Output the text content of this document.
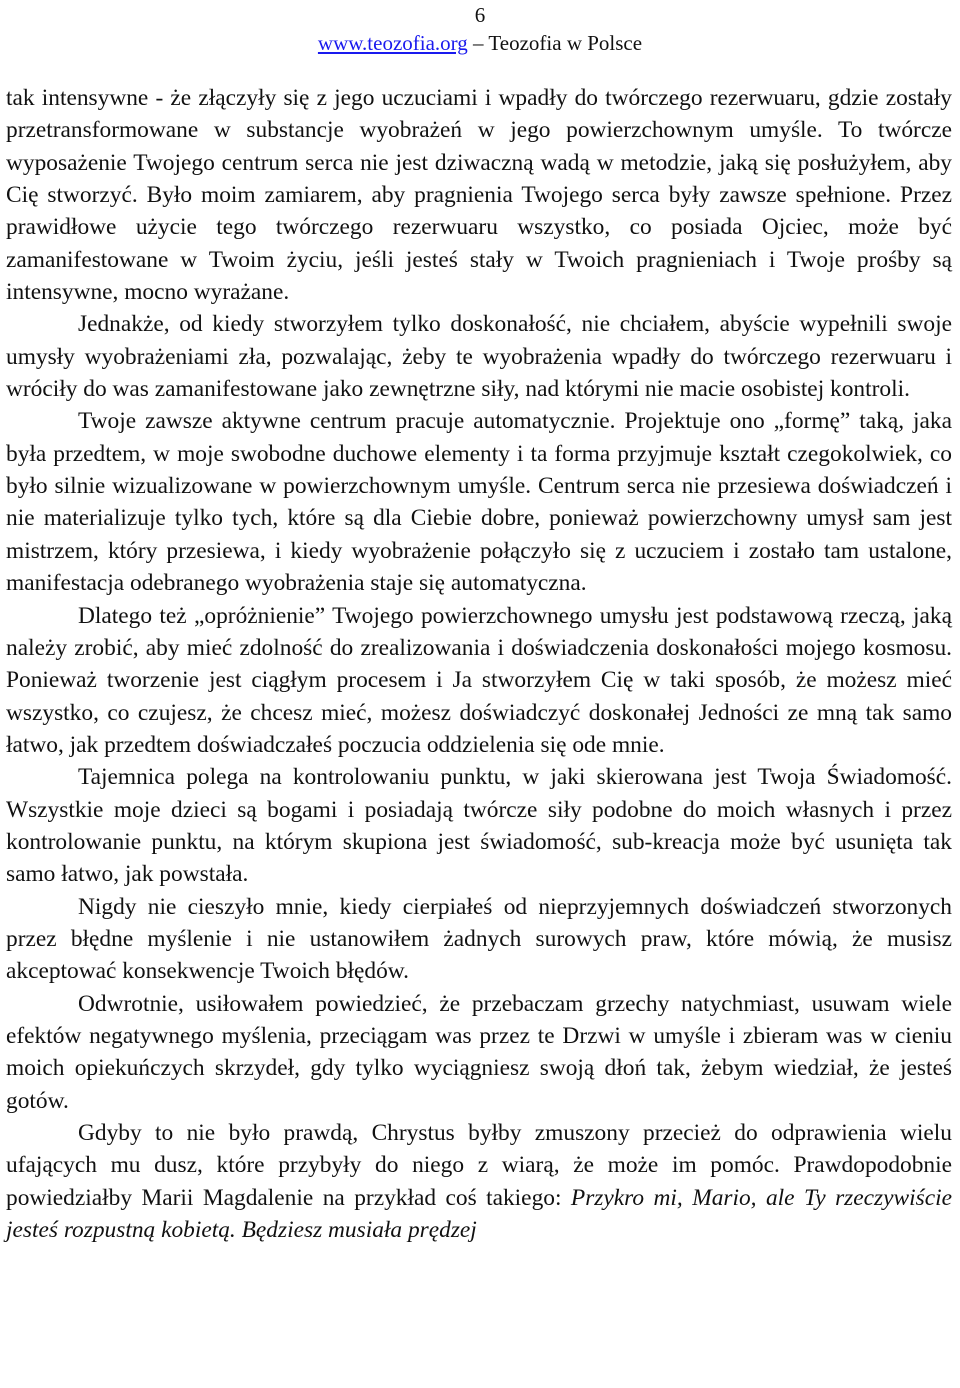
6
www.teozofia.org – Teozofia w Polsce

tak intensywne - że złączyły się z jego uczuciami i wpadły do twórczego rezerwuaru, gdzie zostały przetransformowane w substancje wyobrażeń w jego powierzchownym umyśle. To twórcze wyposażenie Twojego centrum serca nie jest dziwaczną wadą w metodzie, jaką się posłużyłem, aby Cię stworzyć. Było moim zamiarem, aby pragnienia Twojego serca były zawsze spełnione. Przez prawidłowe użycie tego twórczego rezerwuaru wszystko, co posiada Ojciec, może być zamanifestowane w Twoim życiu, jeśli jesteś stały w Twoich pragnieniach i Twoje prośby są intensywne, mocno wyrażane.

Jednakże, od kiedy stworzyłem tylko doskonałość, nie chciałem, abyście wypełnili swoje umysły wyobrażeniami zła, pozwalając, żeby te wyobrażenia wpadły do twórczego rezerwuaru i wróciły do was zamanifestowane jako zewnętrzne siły, nad którymi nie macie osobistej kontroli.

Twoje zawsze aktywne centrum pracuje automatycznie. Projektuje ono „formę” taką, jaka była przedtem, w moje swobodne duchowe elementy i ta forma przyjmuje kształt czegokolwiek, co było silnie wizualizowane w powierzchownym umyśle. Centrum serca nie przesiewa doświadczeń i nie materializuje tylko tych, które są dla Ciebie dobre, ponieważ powierzchowny umysł sam jest mistrzem, który przesiewa, i kiedy wyobrażenie połączyło się z uczuciem i zostało tam ustalone, manifestacja odebranego wyobrażenia staje się automatyczna.

Dlatego też „opróżnienie” Twojego powierzchownego umysłu jest podstawową rzeczą, jaką należy zrobić, aby mieć zdolność do zrealizowania i doświadczenia doskonałości mojego kosmosu. Ponieważ tworzenie jest ciągłym procesem i Ja stworzyłem Cię w taki sposób, że możesz mieć wszystko, co czujesz, że chcesz mieć, możesz doświadczyć doskonałej Jedności ze mną tak samo łatwo, jak przedtem doświadczałeś poczucia oddzielenia się ode mnie.

Tajemnica polega na kontrolowaniu punktu, w jaki skierowana jest Twoja Świadomość. Wszystkie moje dzieci są bogami i posiadają twórcze siły podobne do moich własnych i przez kontrolowanie punktu, na którym skupiona jest świadomość, sub-kreacja może być usunięta tak samo łatwo, jak powstała.

Nigdy nie cieszyło mnie, kiedy cierpiałeś od nieprzyjemnych doświadczeń stworzonych przez błędne myślenie i nie ustanowiłem żadnych surowych praw, które mówią, że musisz akceptować konsekwencje Twoich błędów.

Odwrotnie, usiłowałem powiedzieć, że przebaczam grzechy natychmiast, usuwam wiele efektów negatywnego myślenia, przeciągam was przez te Drzwi w umyśle i zbieram was w cieniu moich opiekuńczych skrzydeł, gdy tylko wyciągniesz swoją dłoń tak, żebym wiedział, że jesteś gotów.

Gdyby to nie było prawdą, Chrystus byłby zmuszony przecież do odprawienia wielu ufających mu dusz, które przybyły do niego z wiarą, że może im pomóc. Prawdopodobnie powiedziałby Marii Magdalenie na przykład coś takiego: Przykro mi, Mario, ale Ty rzeczywiście jesteś rozpustną kobietą. Będziesz musiała prędzej
